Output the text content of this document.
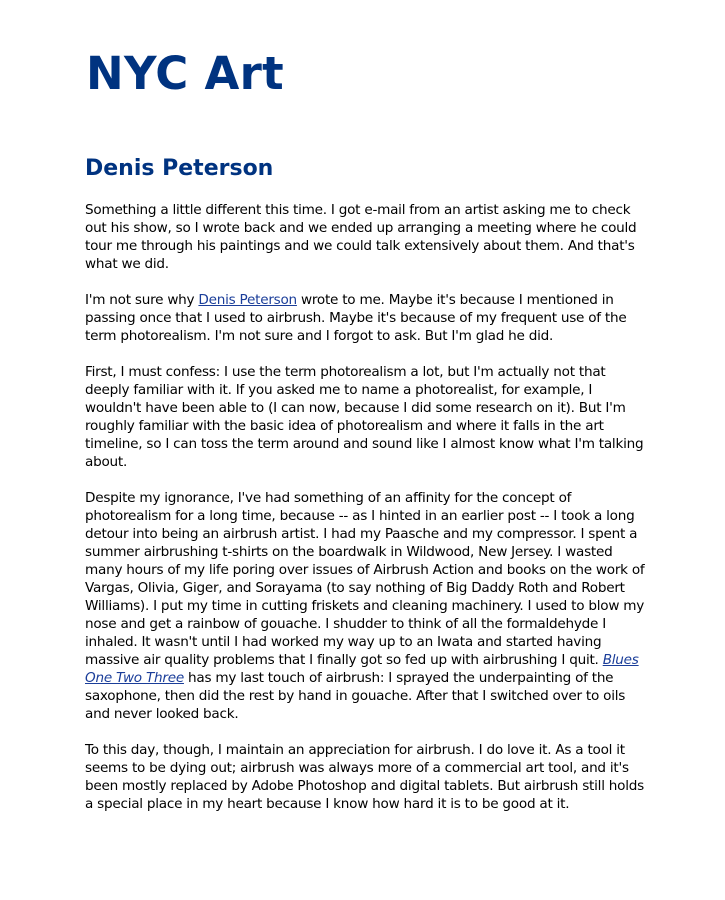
NYC Art
Denis Peterson

Something a little different this time. I got e-mail from an artist asking me to check out his show, so I wrote back and we ended up arranging a meeting where he could tour me through his paintings and we could talk extensively about them. And that's what we did.

I'm not sure why Denis Peterson wrote to me. Maybe it's because I mentioned in passing once that I used to airbrush. Maybe it's because of my frequent use of the term photorealism. I'm not sure and I forgot to ask. But I'm glad he did.

First, I must confess: I use the term photorealism a lot, but I'm actually not that deeply familiar with it. If you asked me to name a photorealist, for example, I wouldn't have been able to (I can now, because I did some research on it). But I'm roughly familiar with the basic idea of photorealism and where it falls in the art timeline, so I can toss the term around and sound like I almost know what I'm talking about.

Despite my ignorance, I've had something of an affinity for the concept of photorealism for a long time, because -- as I hinted in an earlier post -- I took a long detour into being an airbrush artist. I had my Paasche and my compressor. I spent a summer airbrushing t-shirts on the boardwalk in Wildwood, New Jersey. I wasted many hours of my life poring over issues of Airbrush Action and books on the work of Vargas, Olivia, Giger, and Sorayama (to say nothing of Big Daddy Roth and Robert Williams). I put my time in cutting friskets and cleaning machinery. I used to blow my nose and get a rainbow of gouache. I shudder to think of all the formaldehyde I inhaled. It wasn't until I had worked my way up to an Iwata and started having massive air quality problems that I finally got so fed up with airbrushing I quit. Blues One Two Three has my last touch of airbrush: I sprayed the underpainting of the saxophone, then did the rest by hand in gouache. After that I switched over to oils and never looked back.

To this day, though, I maintain an appreciation for airbrush. I do love it. As a tool it seems to be dying out; airbrush was always more of a commercial art tool, and it's been mostly replaced by Adobe Photoshop and digital tablets. But airbrush still holds a special place in my heart because I know how hard it is to be good at it.
